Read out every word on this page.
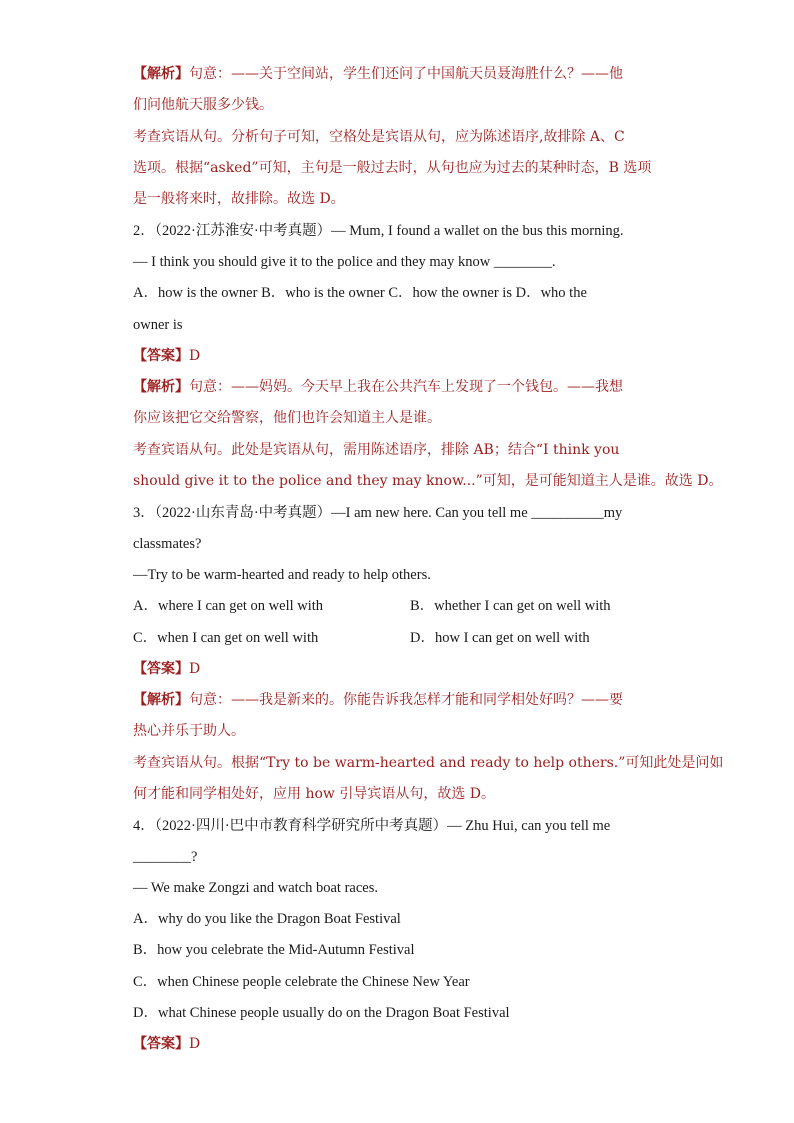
【解析】句意：——关于空间站，学生们还问了中国航天员聂海胜什么？——他
们问他航天服多少钱。
考查宾语从句。分析句子可知，空格处是宾语从句，应为陈述语序,故排除 A、C
选项。根据“asked”可知，主句是一般过去时，从句也应为过去的某种时态，B 选项
是一般将来时，故排除。故选 D。
2．（2022·江苏淮安·中考真题）— Mum, I found a wallet on the bus this morning.
— I think you should give it to the police and they may know ________.
A．how is the owner B．who is the owner C．how the owner is D．who the
owner is
【答案】D
【解析】句意：——妈妈。今天早上我在公共汽车上发现了一个钱包。——我想
你应该把它交给警察，他们也许会知道主人是谁。
考查宾语从句。此处是宾语从句，需用陈述语序，排除 AB；结合“I think you
should give it to the police and they may know...”可知，是可能知道主人是谁。故选 D。
3．（2022·山东青岛·中考真题）—I am new here. Can you tell me __________my
classmates?
—Try to be warm-hearted and ready to help others.
A．where I can get on well with	B．whether I can get on well with
C．when I can get on well with	D．how I can get on well with
【答案】D
【解析】句意：——我是新来的。你能告诉我怎样才能和同学相处好吗？——要
热心并乐于助人。
考查宾语从句。根据“Try to be warm-hearted and ready to help others.”可知此处是问如
何才能和同学相处好，应用 how 引导宾语从句，故选 D。
4．（2022·四川·巴中市教育科学研究所中考真题）— Zhu Hui, can you tell me
________?
— We make Zongzi and watch boat races.
A．why do you like the Dragon Boat Festival
B．how you celebrate the Mid-Autumn Festival
C．when Chinese people celebrate the Chinese New Year
D．what Chinese people usually do on the Dragon Boat Festival
【答案】D
